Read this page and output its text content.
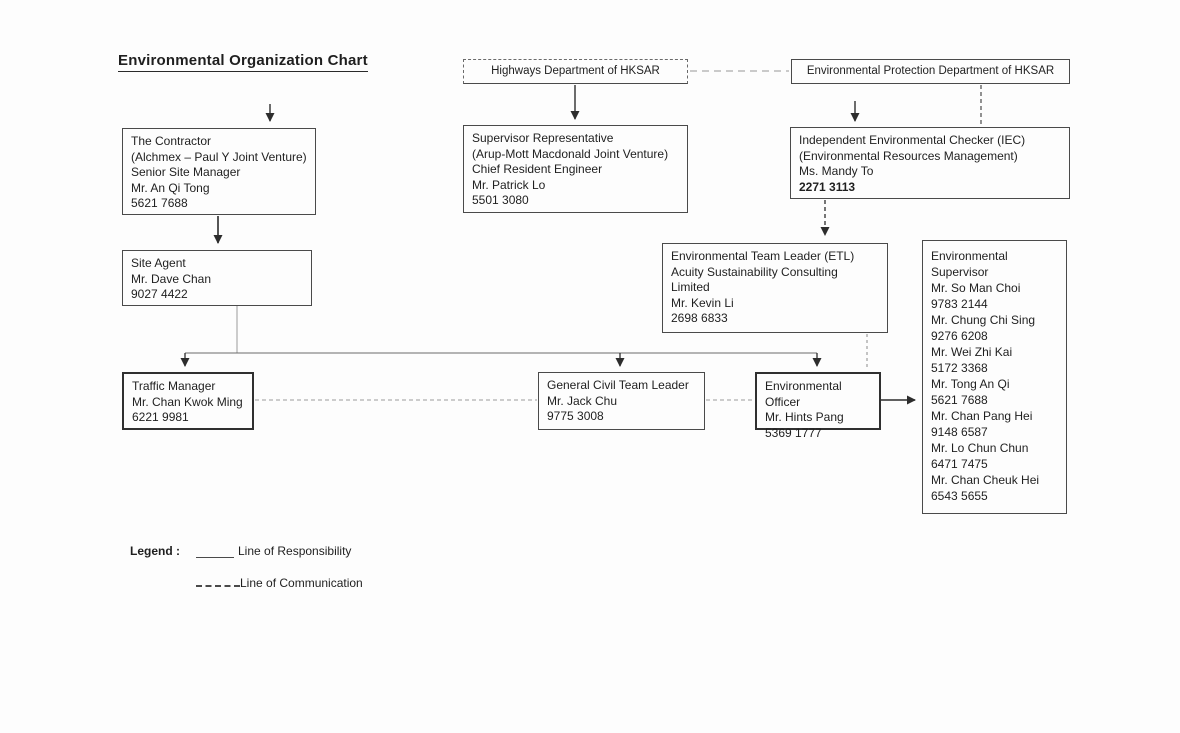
Environmental Organization Chart
Highways Department of HKSAR	Environmental Protection Department of HKSAR
The Contractor
(Alchmex – Paul Y Joint Venture)
Senior Site Manager
Mr. An Qi Tong
5621 7688
Supervisor Representative
(Arup-Mott Macdonald Joint Venture)
Chief Resident Engineer
Mr. Patrick Lo
5501 3080
Independent Environmental Checker (IEC)
(Environmental Resources Management)
Ms. Mandy To
2271 3113
Site Agent
Mr. Dave Chan
9027 4422
Environmental Team Leader (ETL)
Acuity Sustainability Consulting
Limited
Mr. Kevin Li
2698 6833
Environmental
Supervisor
Mr. So Man Choi
9783 2144
Mr. Chung Chi Sing
9276 6208
Mr. Wei Zhi Kai
5172 3368
Mr. Tong An Qi
5621 7688
Mr. Chan Pang Hei
9148 6587
Mr. Lo Chun Chun
6471 7475
Mr. Chan Cheuk Hei
6543 5655
Traffic Manager
Mr. Chan Kwok Ming
6221 9981
General Civil Team Leader
Mr. Jack Chu
9775 3008
Environmental Officer
Mr. Hints Pang
5369 1777
Legend :	Line of Responsibility
Line of Communication
